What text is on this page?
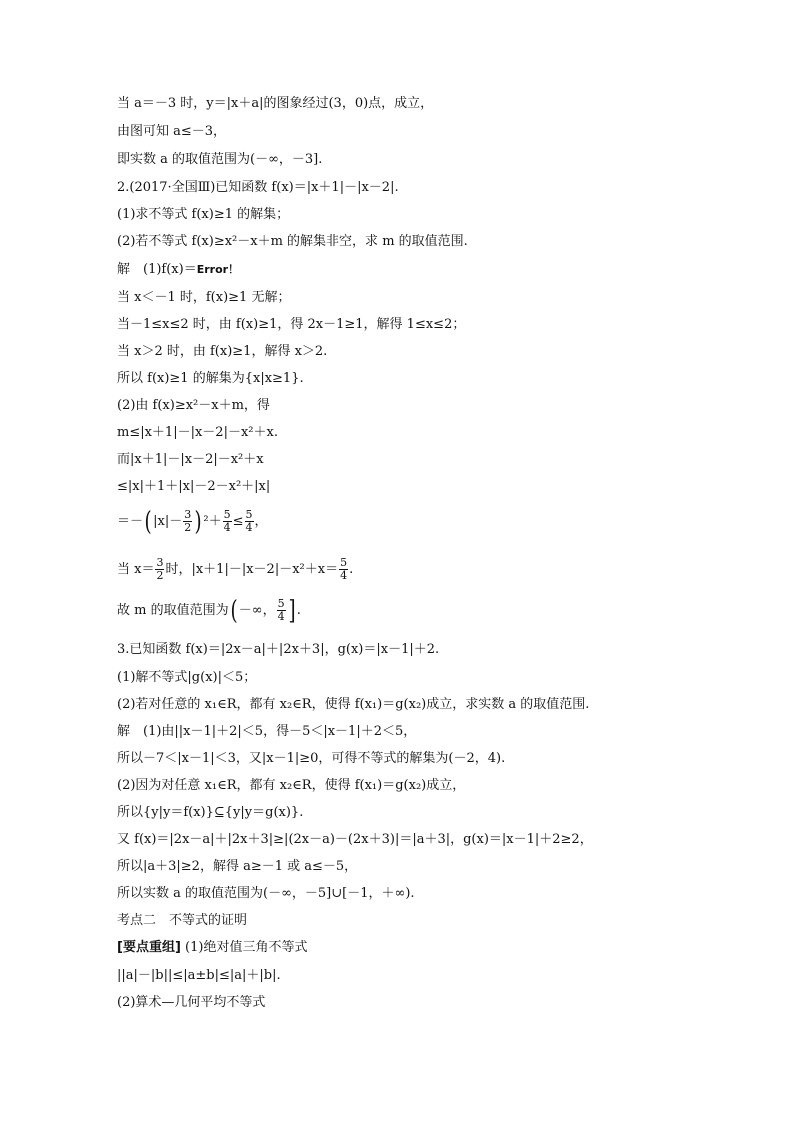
当 a＝－3 时，y＝|x＋a|的图象经过(3，0)点，成立，
由图可知 a≤－3，
即实数 a 的取值范围为(－∞，－3].
2.(2017·全国Ⅲ)已知函数 f(x)＝|x＋1|－|x－2|.
(1)求不等式 f(x)≥1 的解集；
(2)若不等式 f(x)≥x²－x＋m 的解集非空，求 m 的取值范围.
解　(1)f(x)＝Error！
当 x＜－1 时，f(x)≥1 无解；
当－1≤x≤2 时，由 f(x)≥1，得 2x－1≥1，解得 1≤x≤2；
当 x＞2 时，由 f(x)≥1，解得 x＞2.
所以 f(x)≥1 的解集为{x|x≥1}.
(2)由 f(x)≥x²－x＋m，得
m≤|x＋1|－|x－2|－x²＋x.
而|x＋1|－|x－2|－x²＋x
≤|x|＋1＋|x|－2－x²＋|x|
＝－( $|x|- \frac{3}{2}$ ) $^2+ \frac{5}{4} \le \frac{5}{4}$ ，
当 $x= \frac{3}{2}$ 时，$|x+1|-|x-2|-x^2+x= \frac{5}{4}$ .
故 m 的取值范围为( －∞， $\frac{5}{4}$ ] .
3.已知函数 f(x)＝|2x－a|＋|2x＋3|，g(x)＝|x－1|＋2.
(1)解不等式|g(x)|＜5；
(2)若对任意的 x₁∈R，都有 x₂∈R，使得 f(x₁)＝g(x₂)成立，求实数 a 的取值范围.
解　(1)由||x－1|＋2|＜5，得－5＜|x－1|＋2＜5，
所以－7＜|x－1|＜3，又|x－1|≥0，可得不等式的解集为(－2，4).
(2)因为对任意 x₁∈R，都有 x₂∈R，使得 f(x₁)＝g(x₂)成立，
所以{y|y＝f(x)}⊆{y|y＝g(x)}.
又 f(x)＝|2x－a|＋|2x＋3|≥|(2x－a)－(2x＋3)|＝|a＋3|，g(x)＝|x－1|＋2≥2，
所以|a＋3|≥2，解得 a≥－1 或 a≤－5，
所以实数 a 的取值范围为(－∞，－5]∪[－1，＋∞).
考点二　不等式的证明
[要点重组] (1)绝对值三角不等式
||a|－|b||≤|a±b|≤|a|＋|b|.
(2)算术—几何平均不等式
